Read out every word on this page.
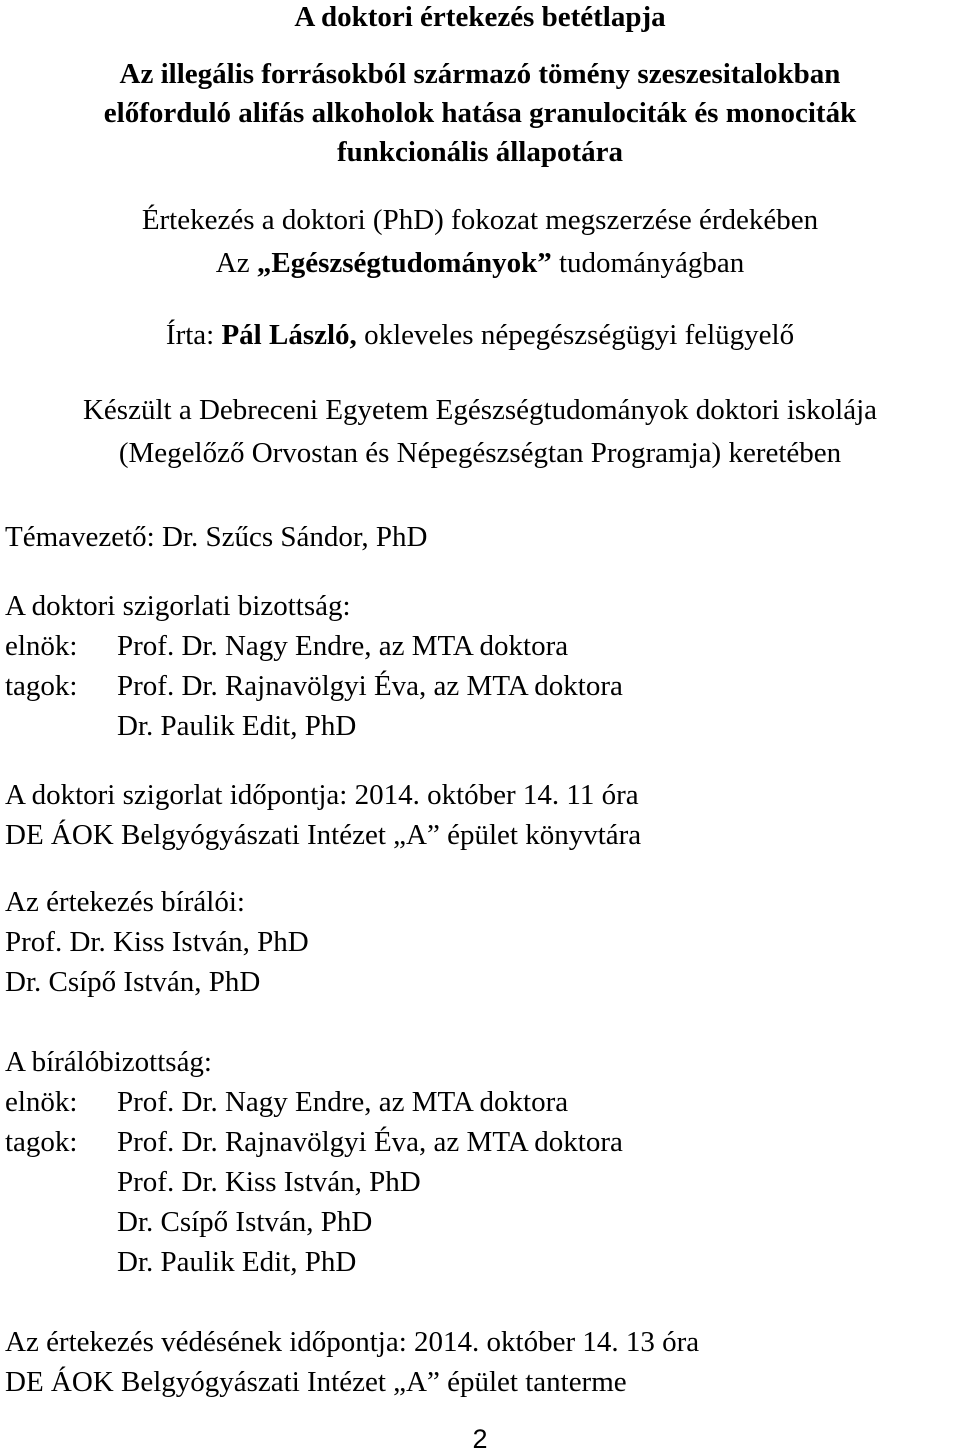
A doktori értekezés betétlapja
Az illegális forrásokból származó tömény szeszesitalokban
előforduló alifás alkoholok hatása granulociták és monociták
funkcionális állapotára
Értekezés a doktori (PhD) fokozat megszerzése érdekében
Az „Egészségtudományok” tudományágban
Írta: Pál László, okleveles népegészségügyi felügyelő
Készült a Debreceni Egyetem Egészségtudományok doktori iskolája
(Megelőző Orvostan és Népegészségtan Programja) keretében
Témavezető: Dr. Szűcs Sándor, PhD
A doktori szigorlati bizottság:
elnök: Prof. Dr. Nagy Endre, az MTA doktora
tagok: Prof. Dr. Rajnavölgyi Éva, az MTA doktora
Dr. Paulik Edit, PhD
A doktori szigorlat időpontja: 2014. október 14. 11 óra
DE ÁOK Belgyógyászati Intézet „A” épület könyvtára
Az értekezés bírálói:
Prof. Dr. Kiss István, PhD
Dr. Csípő István, PhD
A bírálóbizottság:
elnök: Prof. Dr. Nagy Endre, az MTA doktora
tagok: Prof. Dr. Rajnavölgyi Éva, az MTA doktora
Prof. Dr. Kiss István, PhD
Dr. Csípő István, PhD
Dr. Paulik Edit, PhD
Az értekezés védésének időpontja: 2014. október 14. 13 óra
DE ÁOK Belgyógyászati Intézet „A” épület tanterme
2
